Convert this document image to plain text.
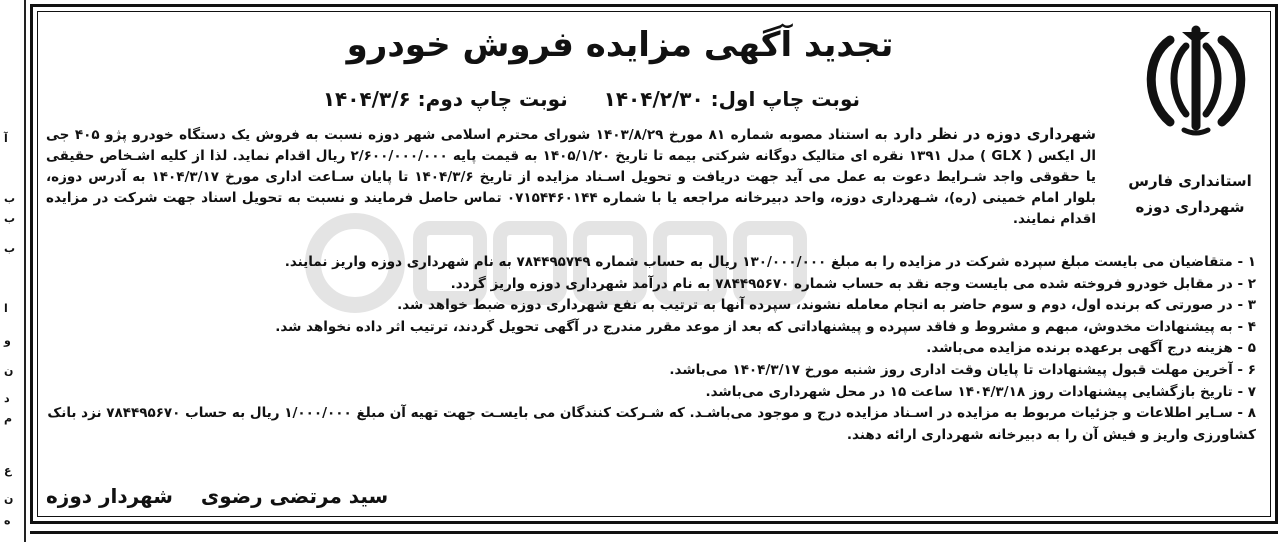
آ
ب
ب
ب
ا
و
ن
د
م
ع
ن
ه
استانداری فارس
شهرداری دوزه
تجدید آگهی مزایده فروش خودرو
نوبت چاپ اول: ۱۴۰۴/۲/۳۰  نوبت چاپ دوم: ۱۴۰۴/۳/۶
شهرداری دوزه در نظر دارد به استناد مصوبه شماره ۸۱ مورخ ۱۴۰۳/۸/۲۹ شورای محترم اسلامی شهر دوزه نسبت به فروش یک دستگاه خودرو پژو ۴۰۵ جی ال ایکس ( GLX ) مدل ۱۳۹۱ نقره ای متالیک دوگانه شرکتی بیمه تا تاریخ ۱۴۰۵/۱/۲۰ به قیمت پایه ۲/۶۰۰/۰۰۰/۰۰۰ ریال اقدام نماید. لذا از کلیه اشـخاص حقیقی یا حقوقی واجد شـرایط دعوت به عمل می آید جهت دریافت و تحویل اسـناد مزایده از تاریخ ۱۴۰۴/۳/۶ تا پایان سـاعت اداری مورخ ۱۴۰۴/۳/۱۷ به آدرس دوزه، بلوار امام خمینی (ره)، شـهرداری دوزه، واحد دبیرخانه مراجعه یا با شماره ۰۷۱۵۴۴۶۰۱۴۴ تماس حاصل فرمایند و نسبت به تحویل اسناد جهت شرکت در مزایده اقدام نمایند.

۱ - متقاضیان می بایست مبلغ سپرده شرکت در مزایده را به مبلغ ۱۳۰/۰۰۰/۰۰۰ ریال به حساب شماره ۷۸۴۴۹۵۷۴۹ به نام شهرداری دوزه واریز نمایند.

۲ - در مقابل خودرو فروخته شده می بایست وجه نقد به حساب شماره ۷۸۴۴۹۵۶۷۰ به نام درآمد شهرداری دوزه واریز گردد.

۳ - در صورتی که برنده اول، دوم و سوم حاضر به انجام معامله نشوند، سپرده آنها به ترتیب به نفع شهرداری دوزه ضبط خواهد شد.

۴ - به پیشنهادات مخدوش، مبهم و مشروط و فاقد سپرده و پیشنهاداتی که بعد از موعد مقرر مندرج در آگهی تحویل گردند، ترتیب اثر داده نخواهد شد.

۵ - هزینه درج آگهی برعهده برنده مزایده می‌باشد.

۶ - آخرین مهلت قبول پیشنهادات تا پایان وقت اداری روز شنبه مورخ ۱۴۰۴/۳/۱۷ می‌باشد.

۷ - تاریخ بازگشایی پیشنهادات روز ۱۴۰۴/۳/۱۸ ساعت ۱۵ در محل شهرداری می‌باشد.

۸ - سـایر اطلاعات و جزئیات مربوط به مزایده در اسـناد مزایده درج و موجود می‌باشـد. که شـرکت کنندگان می بایسـت جهت تهیه آن مبلغ ۱/۰۰۰/۰۰۰ ریال به حساب ۷۸۴۴۹۵۶۷۰ نزد بانک کشاورزی واریز و فیش آن را به دبیرخانه شهرداری ارائه دهند.

سید مرتضی رضوی  شهردار دوزه
